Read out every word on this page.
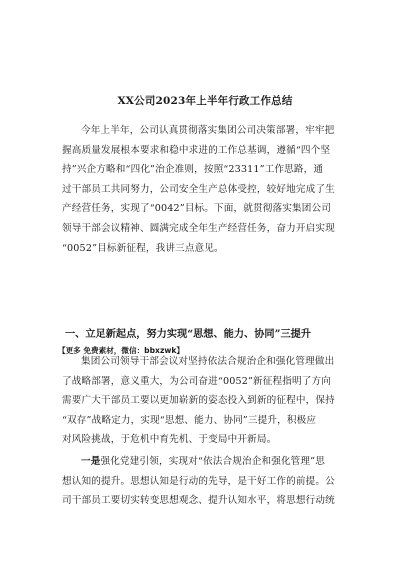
XX公司2023年上半年行政工作总结
今年上半年，公司认真贯彻落实集团公司决策部署，牢牢把
握高质量发展根本要求和稳中求进的工作总基调，遵循“四个坚
持”兴企方略和“四化”治企准则，按照“23311”工作思路，通
过干部员工共同努力，公司安全生产总体受控，较好地完成了生
产经营任务，实现了“0042”目标。下面，就贯彻落实集团公司
领导干部会议精神、圆满完成全年生产经营任务，奋力开启实现
“0052”目标新征程，我讲三点意见。
一、立足新起点，努力实现“思想、能力、协同”三提升
【更多 免费素材，微信：bbxzwk】
集团公司领导干部会议对坚持依法合规治企和强化管理做出
了战略部署，意义重大，为公司奋进“0052”新征程指明了方向
需要广大干部员工要以更加崭新的姿态投入到新的征程中，保持
“双存”战略定力，实现“思想、能力、协同”三提升，积极应
对风险挑战，于危机中育先机、于变局中开新局。
一是强化党建引领，实现对“依法合规治企和强化管理”思
想认知的提升。思想认知是行动的先导，是干好工作的前提。公
司干部员工要切实转变思想观念、提升认知水平，将思想行动统
